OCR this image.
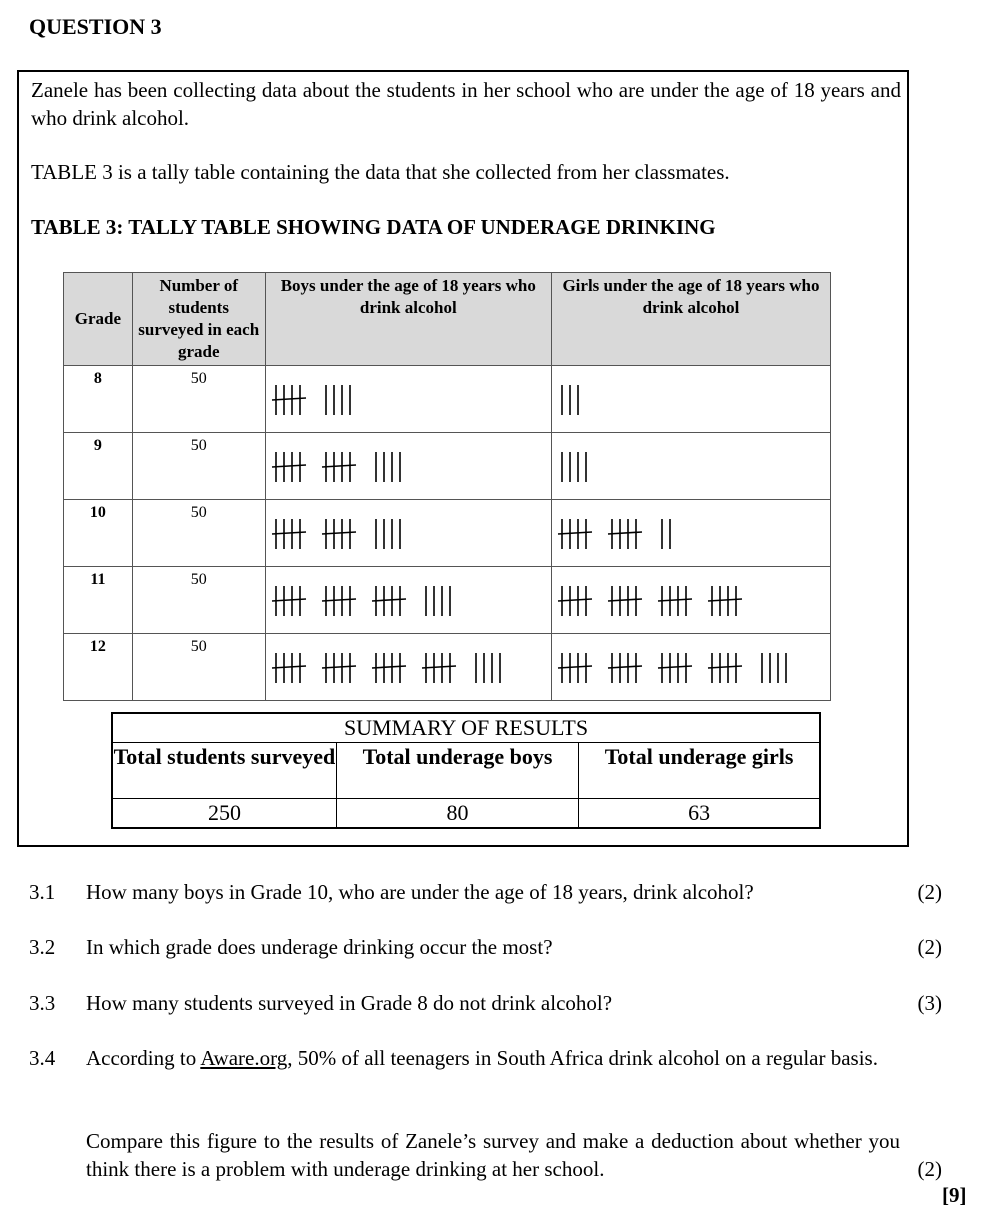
QUESTION 3
Zanele has been collecting data about the students in her school who are under the age of 18 years and who drink alcohol.
TABLE 3 is a tally table containing the data that she collected from her classmates.
TABLE 3: TALLY TABLE SHOWING DATA OF UNDERAGE DRINKING
Grade	Number of students surveyed in each grade	Boys under the age of 18 years who drink alcohol	Girls under the age of 18 years who drink alcohol
8	50	

9	50	

10	50	

11	50	

12	50	

SUMMARY OF RESULTS		
Total students surveyed	Total underage boys	Total underage girls
250	80	63
3.1 How many boys in Grade 10, who are under the age of 18 years, drink alcohol?	(2)
3.2 In which grade does underage drinking occur the most?	(2)
3.3 How many students surveyed in Grade 8 do not drink alcohol?	(3)
3.4 According to Aware.org, 50% of all teenagers in South Africa drink alcohol on a regular basis.
Compare this figure to the results of Zanele’s survey and make a deduction about whether you think there is a problem with underage drinking at her school.	(2)
[9]
